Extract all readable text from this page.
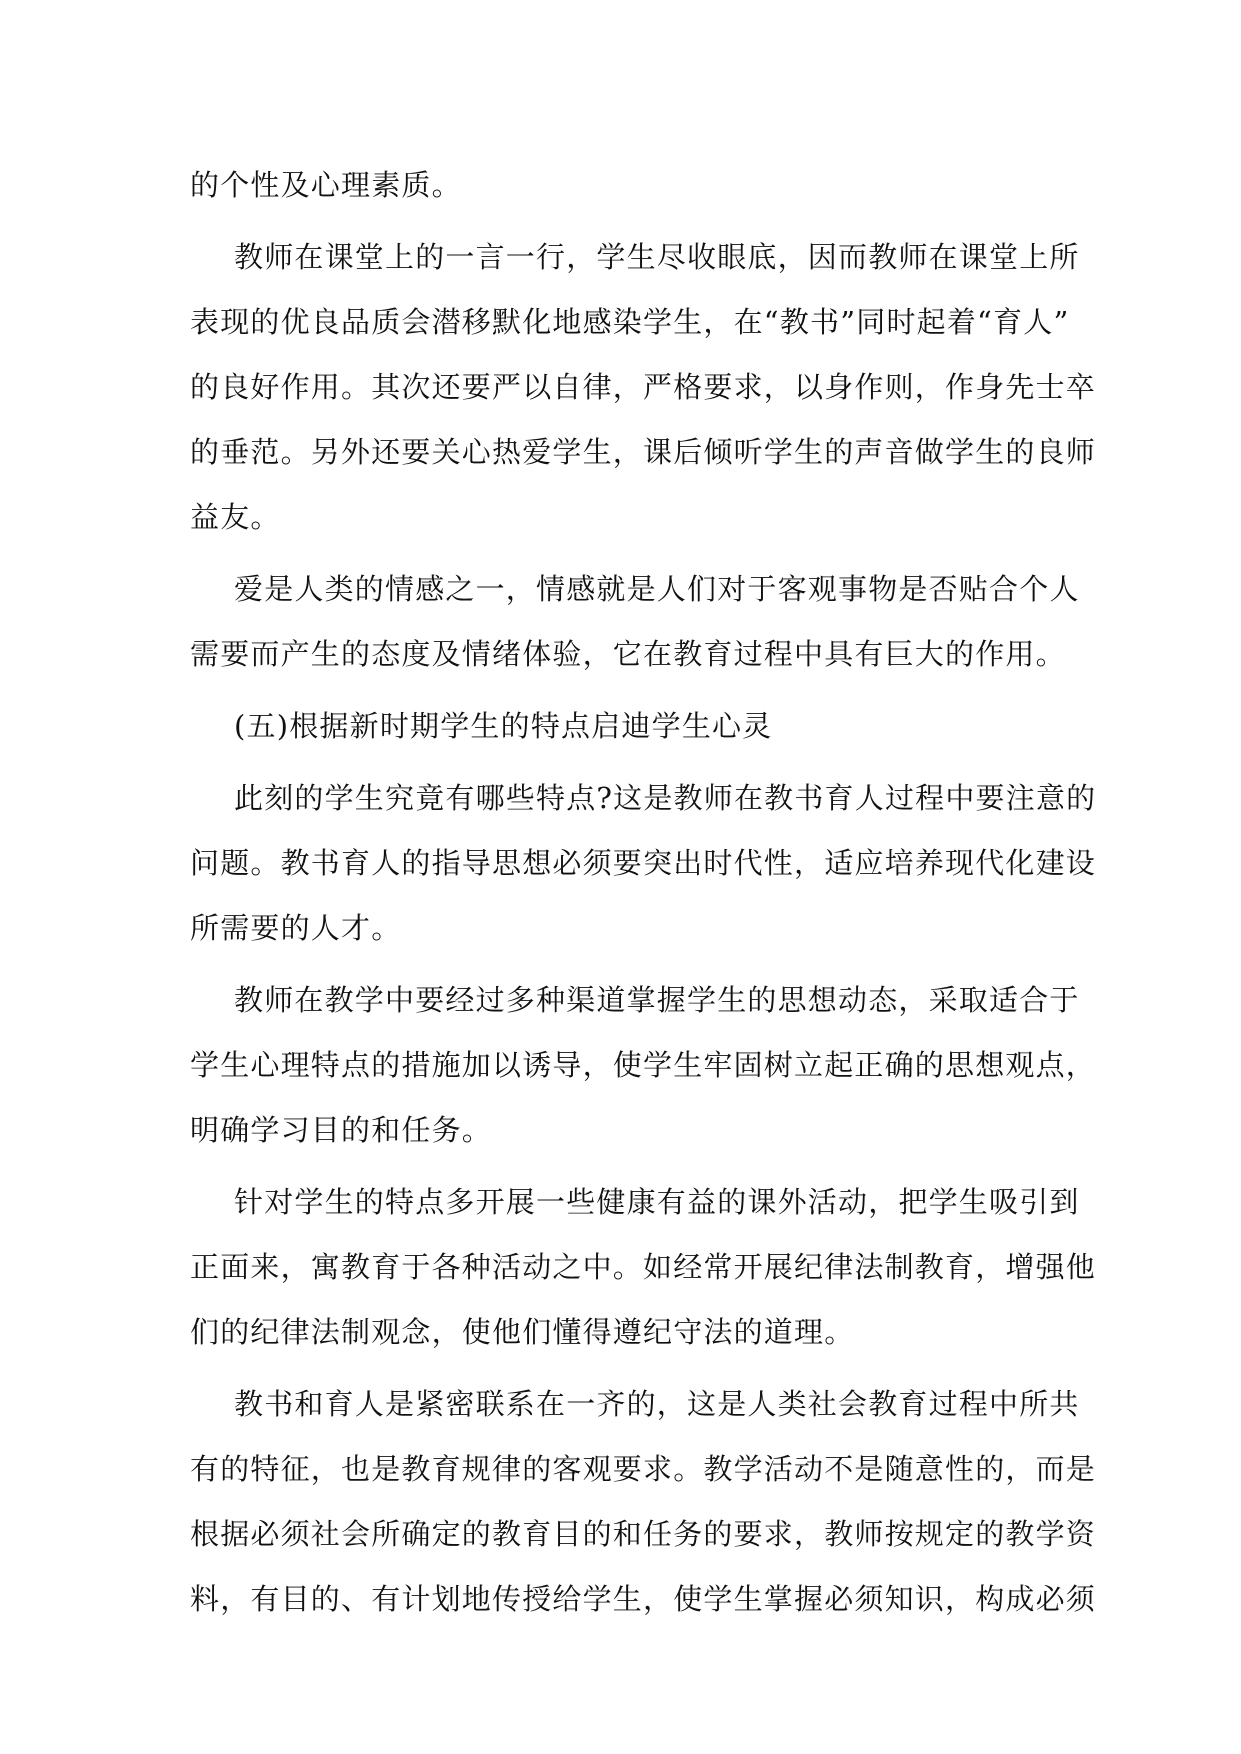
的个性及心理素质。

教师在课堂上的一言一行，学生尽收眼底，因而教师在课堂上所
表现的优良品质会潜移默化地感染学生，在“教书”同时起着“育人”
的良好作用。其次还要严以自律，严格要求，以身作则，作身先士卒
的垂范。另外还要关心热爱学生，课后倾听学生的声音做学生的良师
益友。

爱是人类的情感之一，情感就是人们对于客观事物是否贴合个人
需要而产生的态度及情绪体验，它在教育过程中具有巨大的作用。

(五)根据新时期学生的特点启迪学生心灵

此刻的学生究竟有哪些特点?这是教师在教书育人过程中要注意的
问题。教书育人的指导思想必须要突出时代性，适应培养现代化建设
所需要的人才。

教师在教学中要经过多种渠道掌握学生的思想动态，采取适合于
学生心理特点的措施加以诱导，使学生牢固树立起正确的思想观点，
明确学习目的和任务。

针对学生的特点多开展一些健康有益的课外活动，把学生吸引到
正面来，寓教育于各种活动之中。如经常开展纪律法制教育，增强他
们的纪律法制观念，使他们懂得遵纪守法的道理。

教书和育人是紧密联系在一齐的，这是人类社会教育过程中所共
有的特征，也是教育规律的客观要求。教学活动不是随意性的，而是
根据必须社会所确定的教育目的和任务的要求，教师按规定的教学资
料，有目的、有计划地传授给学生，使学生掌握必须知识，构成必须
